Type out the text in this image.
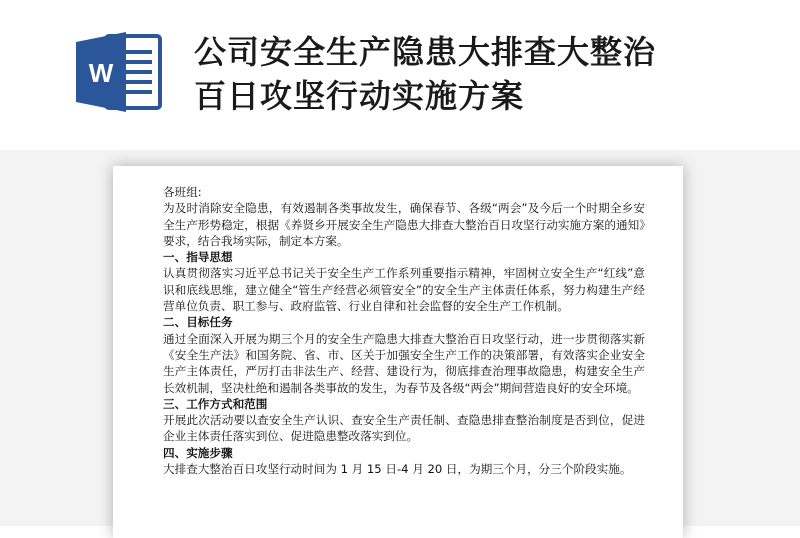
W
公司安全生产隐患大排查大整治
百日攻坚行动实施方案

各班组:

为及时消除安全隐患，有效遏制各类事故发生，确保春节、各级“两会”及今后一个时期全乡安全生产形势稳定，根据《养贤乡开展安全生产隐患大排查大整治百日攻坚行动实施方案的通知》要求，结合我场实际，制定本方案。

一、指导思想

认真贯彻落实习近平总书记关于安全生产工作系列重要指示精神，牢固树立安全生产“红线”意识和底线思维，建立健全“管生产经营必须管安全”的安全生产主体责任体系，努力构建生产经营单位负责、职工参与、政府监管、行业自律和社会监督的安全生产工作机制。

二、目标任务

通过全面深入开展为期三个月的安全生产隐患大排查大整治百日攻坚行动，进一步贯彻落实新《安全生产法》和国务院、省、市、区关于加强安全生产工作的决策部署，有效落实企业安全生产主体责任，严厉打击非法生产、经营、建设行为，彻底排查治理事故隐患，构建安全生产长效机制，坚决杜绝和遏制各类事故的发生，为春节及各级“两会”期间营造良好的安全环境。

三、工作方式和范围

开展此次活动要以查安全生产认识、查安全生产责任制、查隐患排查整治制度是否到位，促进企业主体责任落实到位、促进隐患整改落实到位。

四、实施步骤

大排查大整治百日攻坚行动时间为 1 月 15 日-4 月 20 日，为期三个月，分三个阶段实施。
